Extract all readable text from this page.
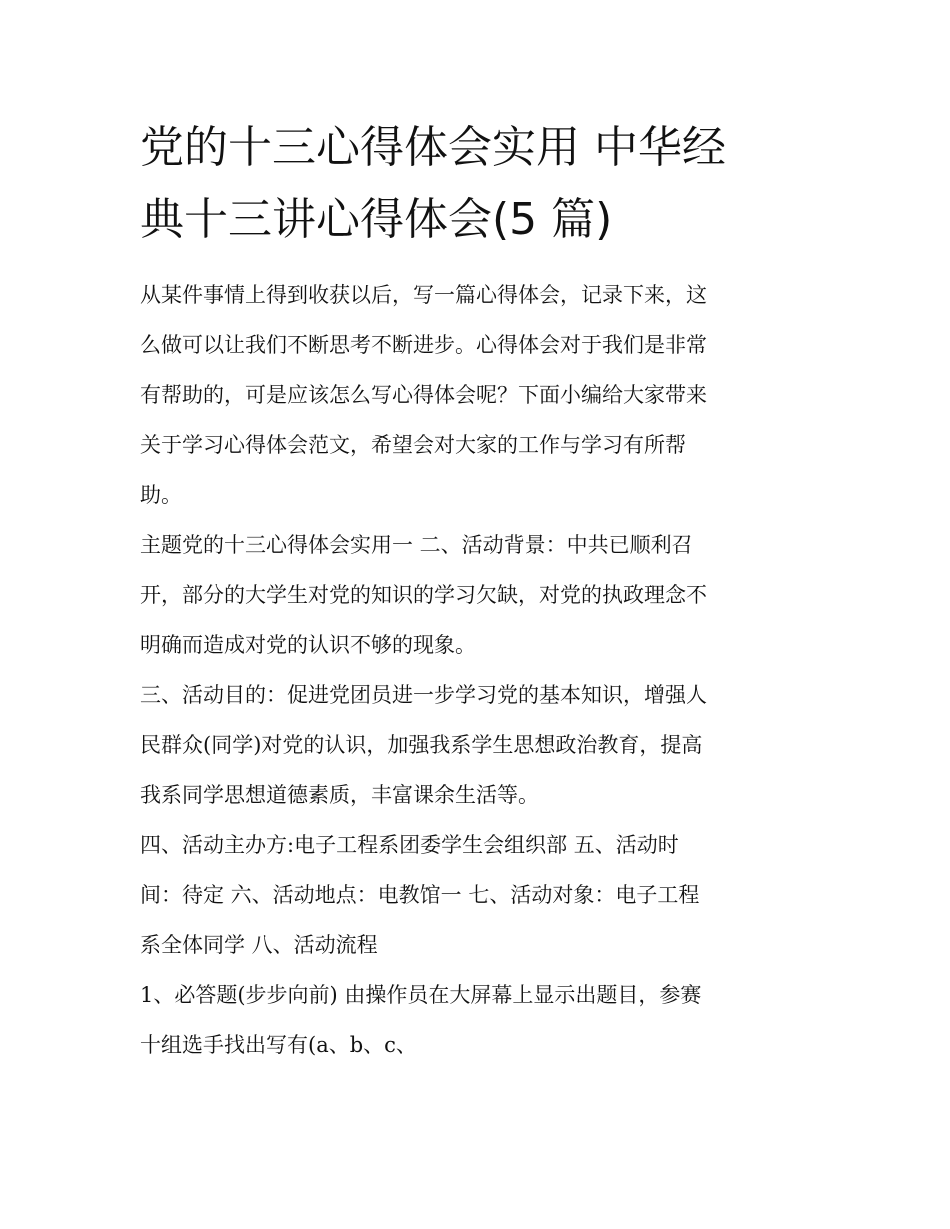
党的十三心得体会实用 中华经
典十三讲心得体会(5 篇)
从某件事情上得到收获以后，写一篇心得体会，记录下来，这
么做可以让我们不断思考不断进步。心得体会对于我们是非常
有帮助的，可是应该怎么写心得体会呢？下面小编给大家带来
关于学习心得体会范文，希望会对大家的工作与学习有所帮
助。
主题党的十三心得体会实用一 二、活动背景：中共已顺利召
开，部分的大学生对党的知识的学习欠缺，对党的执政理念不
明确而造成对党的认识不够的现象。
三、活动目的：促进党团员进一步学习党的基本知识，增强人
民群众(同学)对党的认识，加强我系学生思想政治教育，提高
我系同学思想道德素质，丰富课余生活等。
四、活动主办方:电子工程系团委学生会组织部 五、活动时
间：待定 六、活动地点：电教馆一 七、活动对象：电子工程
系全体同学 八、活动流程
1、必答题(步步向前) 由操作员在大屏幕上显示出题目，参赛
十组选手找出写有(a、b、c、
